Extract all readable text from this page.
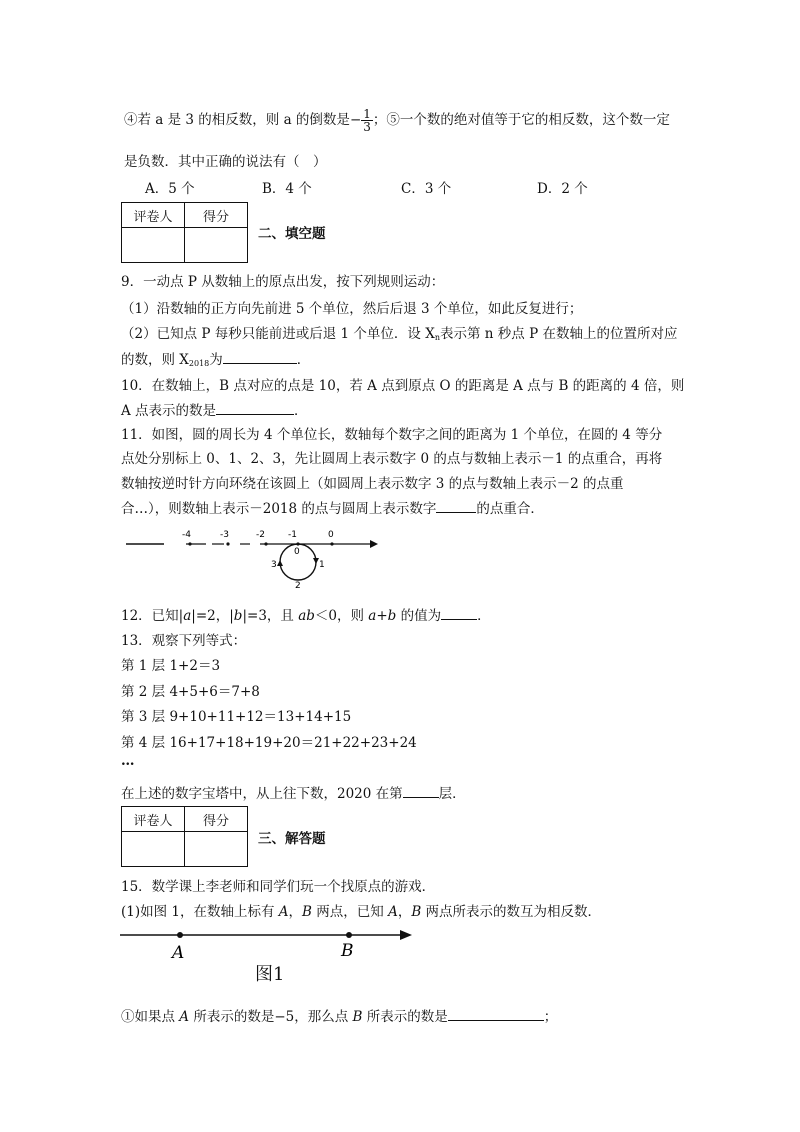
④若 a 是 3 的相反数，则 a 的倒数是− $\frac{1}{3}$ ；⑤一个数的绝对值等于它的相反数，这个数一定
是负数．其中正确的说法有（　）
A．5 个	B．4 个	C．3 个	D．2 个
评卷人	得分

二、填空题
9．一动点 P 从数轴上的原点出发，按下列规则运动：
（1）沿数轴的正方向先前进 5 个单位，然后后退 3 个单位，如此反复进行；
（2）已知点 P 每秒只能前进或后退 1 个单位．设 $X_n$表示第 n 秒点 P 在数轴上的位置所对应
的数，则 $X_{2018}$为	．
10．在数轴上，B 点对应的点是 10，若 A 点到原点 O 的距离是 A 点与 B 的距离的 4 倍，则
A 点表示的数是	．
11．如图，圆的周长为 4 个单位长，数轴每个数字之间的距离为 1 个单位，在圆的 4 等分
点处分别标上 0、1、2、3，先让圆周上表示数字 0 的点与数轴上表示－1 的点重合，再将
数轴按逆时针方向环绕在该圆上（如圆周上表示数字 3 的点与数轴上表示－2 的点重
合…），则数轴上表示－2018 的点与圆周上表示数字	的点重合．
-4	-3	-2	-1	0
0
1
2
3
12．已知|a|=2，|b|=3，且 ab＜0，则 a+b 的值为	．
13．观察下列等式：
第 1 层 1+2＝3
第 2 层 4+5+6＝7+8
第 3 层 9+10+11+12＝13+14+15
第 4 层 16+17+18+19+20＝21+22+23+24
…
在上述的数字宝塔中，从上往下数，2020 在第	层．
评卷人	得分

三、解答题
15．数学课上李老师和同学们玩一个找原点的游戏．
(1)如图 1，在数轴上标有 A，B 两点，已知 A，B 两点所表示的数互为相反数．
A	B
图1
①如果点 A 所表示的数是−5，那么点 B 所表示的数是	；
